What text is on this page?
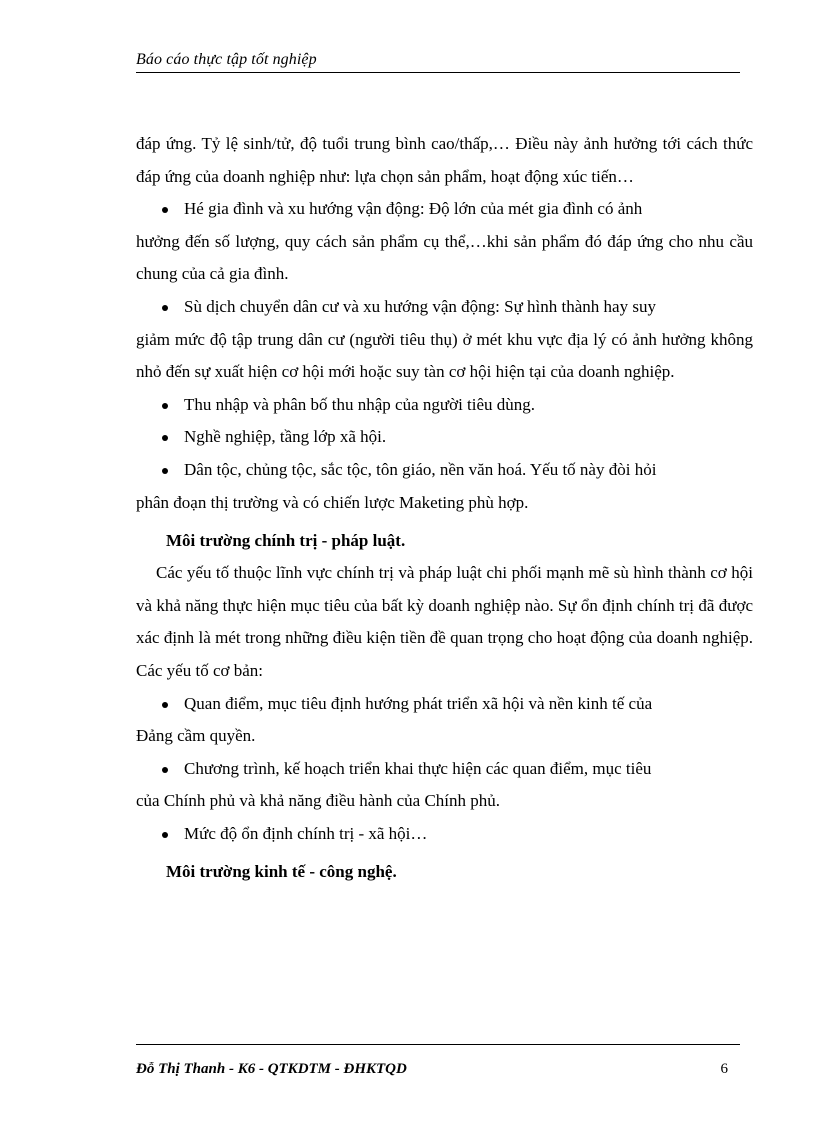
Báo cáo thực tập tốt nghiệp

đáp ứng. Tỷ lệ sinh/tử, độ tuổi trung bình cao/thấp,… Điều này ảnh hưởng tới cách thức đáp ứng của doanh nghiệp như: lựa chọn sản phẩm, hoạt động xúc tiến…

Hé gia đình và xu hướng vận động: Độ lớn của mét gia đình có ảnh
hưởng đến số lượng, quy cách sản phẩm cụ thể,…khi sản phẩm đó đáp ứng cho nhu cầu chung của cả gia đình.
Sù dịch chuyển dân cư và xu hướng vận động: Sự hình thành hay suy
giảm mức độ tập trung dân cư (người tiêu thụ) ở mét khu vực địa lý có ảnh hưởng không nhỏ đến sự xuất hiện cơ hội mới hoặc suy tàn cơ hội hiện tại của doanh nghiệp.
Thu nhập và phân bố thu nhập của người tiêu dùng.
Nghề nghiệp, tầng lớp xã hội.
Dân tộc, chủng tộc, sắc tộc, tôn giáo, nền văn hoá. Yếu tố này đòi hỏi
phân đoạn thị trường và có chiến lược Maketing phù hợp.
Môi trường chính trị - pháp luật.

Các yếu tố thuộc lĩnh vực chính trị và pháp luật chi phối mạnh mẽ sù hình thành cơ hội và khả năng thực hiện mục tiêu của bất kỳ doanh nghiệp nào. Sự ổn định chính trị đã được xác định là mét trong những điều kiện tiền đề quan trọng cho hoạt động của doanh nghiệp. Các yếu tố cơ bản:

Quan điểm, mục tiêu định hướng phát triển xã hội và nền kinh tế của
Đảng cầm quyền.
Chương trình, kế hoạch triển khai thực hiện các quan điểm, mục tiêu
của Chính phủ và khả năng điều hành của Chính phủ.
Mức độ ổn định chính trị - xã hội…
Môi trường kinh tế - công nghệ.
Đỗ Thị Thanh - K6 - QTKDTM - ĐHKTQD	6
